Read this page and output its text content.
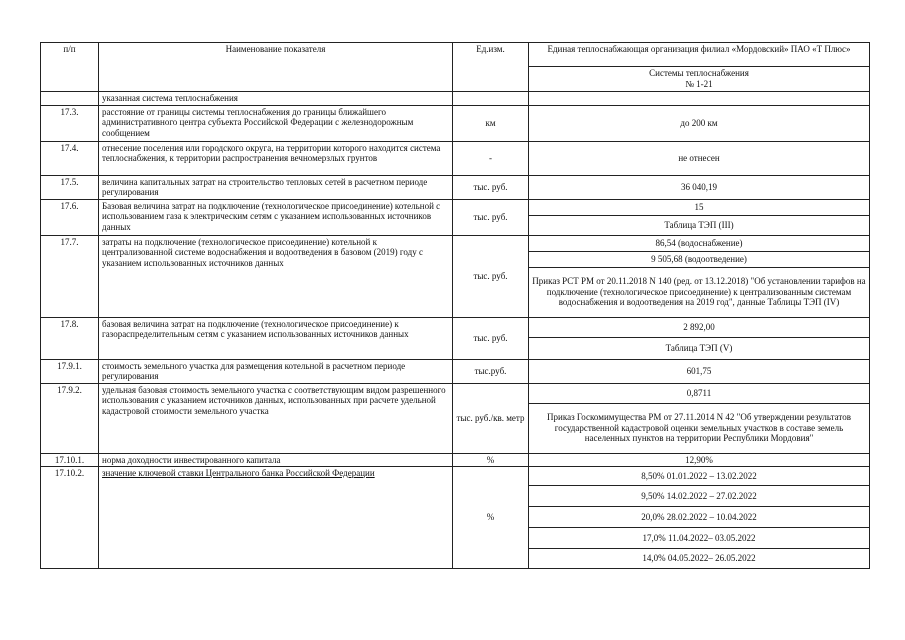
п/п	Наименование показателя	Ед.изм.	Единая теплоснабжающая организация филиал «Мордовский» ПАО «Т Плюс»

			Системы теплоснабжения
№ 1-21

	указанная система теплоснабжения		
17.3.	расстояние от границы системы теплоснабжения до границы ближайшего административного центра субъекта Российской Федерации с железнодорожным сообщением	км	до 200 км
17.4.	отнесение поселения или городского округа, на территории которого находится система теплоснабжения, к территории распространения вечномерзлых грунтов	-	не отнесен
17.5.	величина капитальных затрат на строительство тепловых сетей в расчетном периоде регулирования	тыс. руб.	36 040,19
17.6.	Базовая величина затрат на подключение (технологическое присоединение) котельной с использованием газа к электрическим сетям с указанием использованных источников данных	тыс. руб.	15
			Таблица ТЭП (III)
17.7.	затраты на подключение (технологическое присоединение) котельной к централизованной системе водоснабжения и водоотведения в базовом (2019) году с указанием использованных источников данных	тыс. руб.	86,54 (водоснабжение)
			9 505,68 (водоотведение)
			Приказ РСТ РМ от 20.11.2018 N 140 (ред. от 13.12.2018) "Об установлении тарифов на подключение (технологическое присоединение) к централизованным системам водоснабжения и водоотведения на 2019 год", данные Таблицы ТЭП (IV)
17.8.	базовая величина затрат на подключение (технологическое присоединение) к газораспределительным сетям с указанием использованных источников данных	тыс. руб.	2 892,00
			Таблица ТЭП (V)
17.9.1.	стоимость земельного участка для размещения котельной в расчетном периоде регулирования	тыс.руб.	601,75
17.9.2.	удельная базовая стоимость земельного участка с соответствующим видом разрешенного использования с указанием источников данных, использованных при расчете удельной кадастровой стоимости земельного участка	тыс. руб./кв. метр	0,8711
			Приказ Госкомимущества РМ от 27.11.2014 N 42 "Об утверждении результатов государственной кадастровой оценки земельных участков в составе земель населенных пунктов на территории Республики Мордовия"
17.10.1.	норма доходности инвестированного капитала	%	12,90%
17.10.2.	значение ключевой ставки Центрального банка Российской Федерации	%	8,50% 01.01.2022 – 13.02.2022
			9,50% 14.02.2022 – 27.02.2022
			20,0% 28.02.2022 – 10.04.2022
			17,0% 11.04.2022– 03.05.2022
			14,0% 04.05.2022– 26.05.2022
